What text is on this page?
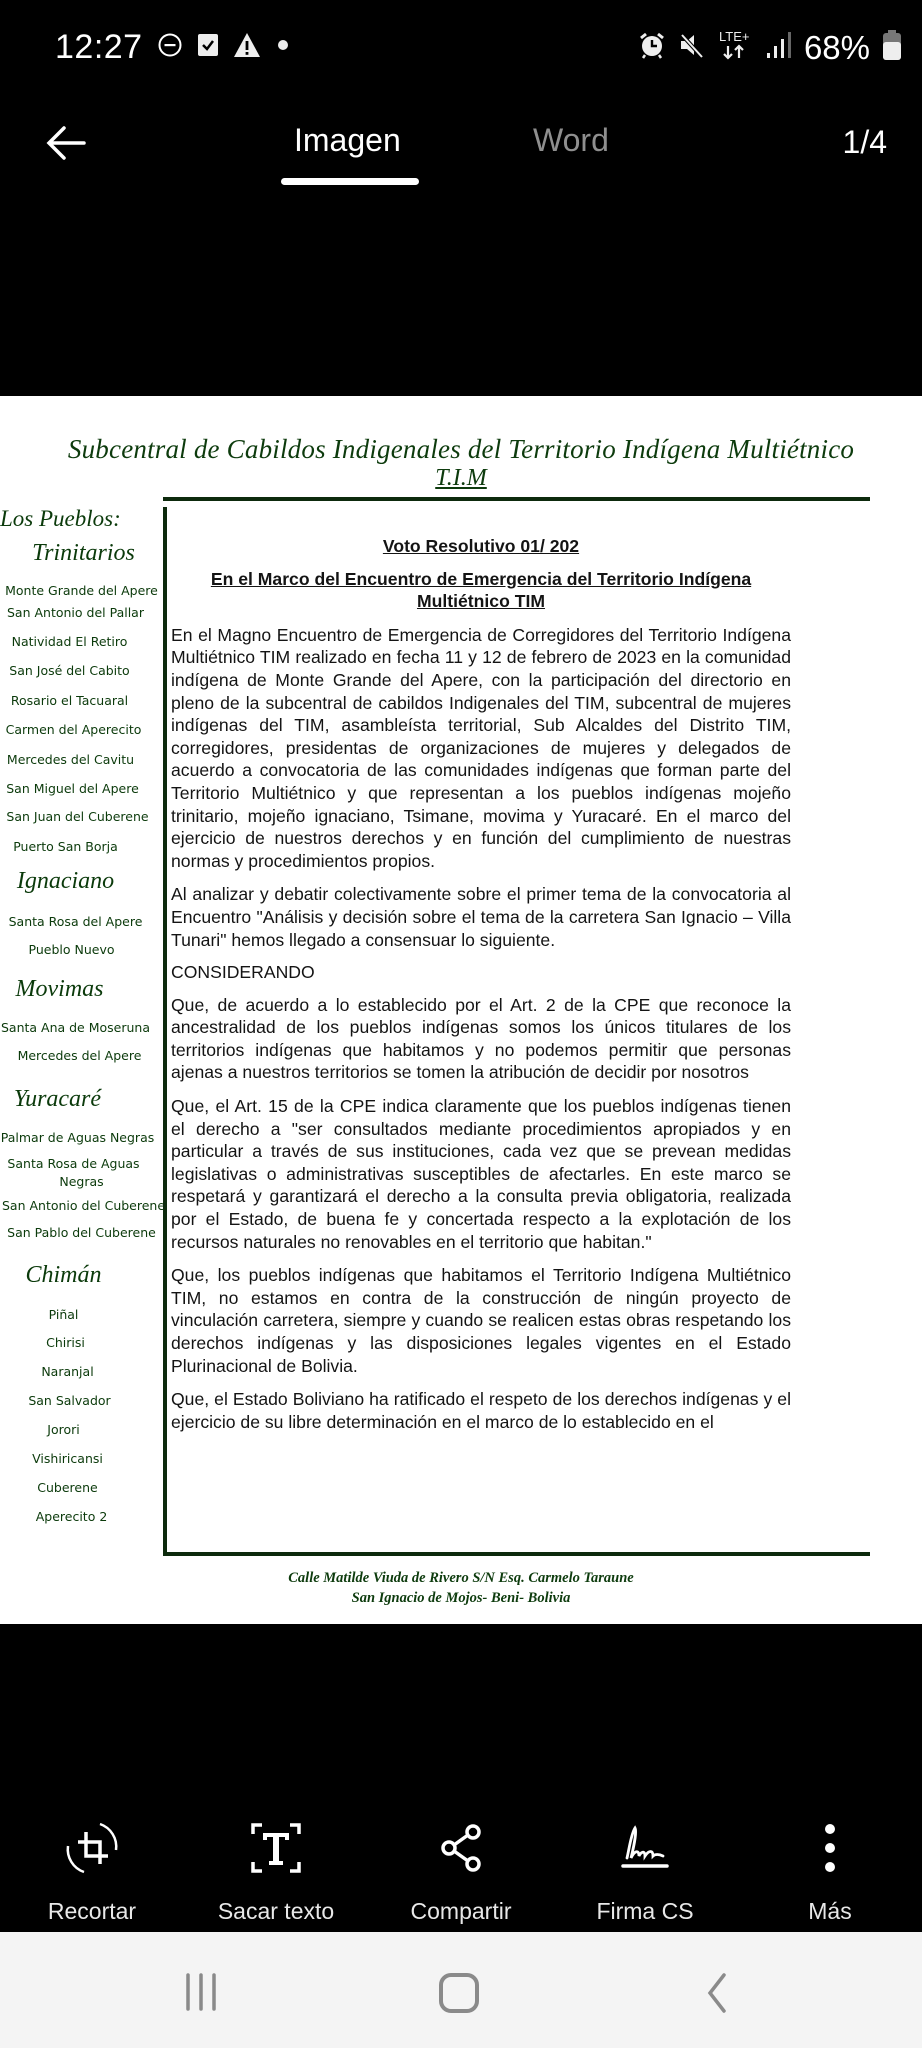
12:27	LTE+ 68%
Imagen	Word	1/4
Subcentral de Cabildos Indigenales del Territorio Indígena Multiétnico
T.I.M
Los Pueblos:
Trinitarios
Monte Grande del Apere
San Antonio del Pallar
Natividad El Retiro
San José del Cabito
Rosario el Tacuaral
Carmen del Aperecito
Mercedes del Cavitu
San Miguel del Apere
San Juan del Cuberene
Puerto San Borja
Ignaciano
Santa Rosa del Apere
Pueblo Nuevo
Movimas
Santa Ana de Moseruna
Mercedes del Apere
Yuracaré
Palmar de Aguas Negras
Santa Rosa de Aguas
Negras
San Antonio del Cuberene
San Pablo del Cuberene
Chimán
Piñal
Chirisi
Naranjal
San Salvador
Jorori
Vishiricansi
Cuberene
Aperecito 2
Voto Resolutivo 01/ 202
En el Marco del Encuentro de Emergencia del Territorio Indígena Multiétnico TIM
En el Magno Encuentro de Emergencia de Corregidores del Territorio Indígena Multiétnico TIM realizado en fecha 11 y 12 de febrero de 2023 en la comunidad indígena de Monte Grande del Apere, con la participación del directorio en pleno de la subcentral de cabildos Indigenales del TIM, subcentral de mujeres indígenas del TIM, asambleísta territorial, Sub Alcaldes del Distrito TIM, corregidores, presidentas de organizaciones de mujeres y delegados de acuerdo a convocatoria de las comunidades indígenas que forman parte del Territorio Multiétnico y que representan a los pueblos indígenas mojeño trinitario, mojeño ignaciano, Tsimane, movima y Yuracaré. En el marco del ejercicio de nuestros derechos y en función del cumplimiento de nuestras normas y procedimientos propios.
Al analizar y debatir colectivamente sobre el primer tema de la convocatoria al Encuentro "Análisis y decisión sobre el tema de la carretera San Ignacio – Villa Tunari" hemos llegado a consensuar lo siguiente.
CONSIDERANDO
Que, de acuerdo a lo establecido por el Art. 2 de la CPE que reconoce la ancestralidad de los pueblos indígenas somos los únicos titulares de los territorios indígenas que habitamos y no podemos permitir que personas ajenas a nuestros territorios se tomen la atribución de decidir por nosotros
Que, el Art. 15 de la CPE indica claramente que los pueblos indígenas tienen el derecho a "ser consultados mediante procedimientos apropiados y en particular a través de sus instituciones, cada vez que se prevean medidas legislativas o administrativas susceptibles de afectarles. En este marco se respetará y garantizará el derecho a la consulta previa obligatoria, realizada por el Estado, de buena fe y concertada respecto a la explotación de los recursos naturales no renovables en el territorio que habitan."
Que, los pueblos indígenas que habitamos el Territorio Indígena Multiétnico TIM, no estamos en contra de la construcción de ningún proyecto de vinculación carretera, siempre y cuando se realicen estas obras respetando los derechos indígenas y las disposiciones legales vigentes en el Estado Plurinacional de Bolivia.
Que, el Estado Boliviano ha ratificado el respeto de los derechos indígenas y el ejercicio de su libre determinación en el marco de lo establecido en el
Calle Matilde Viuda de Rivero S/N Esq. Carmelo Taraune
San Ignacio de Mojos- Beni- Bolivia
Recortar	Sacar texto	Compartir	Firma CS	Más
